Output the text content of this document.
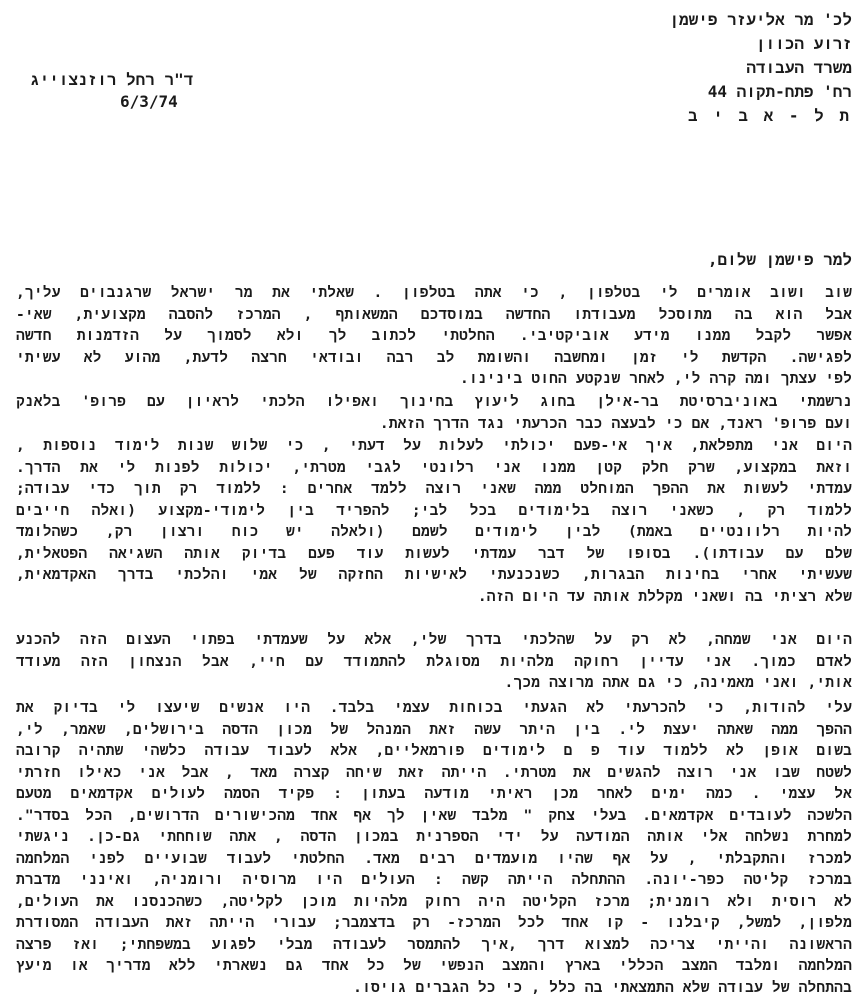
לכ' מר אליעזר פישמן
זרוע הכוון
משרד העבודה
רח' פתח-תקוה 44
ת ל - א ב י ב
ד"ר רחל רוזנצוייג
6/3/74
למר פישמן שלום,
שוב ושוב אומרים לי בטלפון , כי אתה בטלפון . שאלתי את מר ישראל שרגנבוים עליך,
אבל הוא בה מתוסכל מעבודתו החדשה במוסדכם המשאותף , המרכז להסבה מקצועית, שאי-
אפשר לקבל ממנו מידע אוביקטיבי. החלטתי לכתוב לך ולא לסמוך על הזדמנות חדשה
לפגישה. הקדשת לי זמן ומחשבה והשומת לב רבה ובודאי חרצה לדעת, מהוע לא עשיתי
לפי עצתך ומה קרה לי, לאחר שנקטע החוט בינינו.
נרשמתי באוניברסיטת בר-אילן בחוג ליעוץ בחינוך ואפילו הלכתי לראיון עם פרופ' בלאנק
ועם פרופ' ראנד, אם כי לבעצה כבר הכרעתי נגד הדרך הזאת.
היום אני מתפלאת, איך אי-פעם יכולתי לעלות על דעתי , כי שלוש שנות לימוד נוספות ,
וזאת במקצוע, שרק חלק קטן ממנו אני רלונטי לגבי מטרתי, יכולות לפנות לי את הדרך.
עמדתי לעשות את ההפך המוחלט ממה שאני רוצה ללמד אחרים : ללמוד רק תוך כדי עבודה;
ללמוד רק , כשאני רוצה בלימודים בכל לבי; להפריד בין לימודי-מקצוע (ואלה חייבים
להיות רלוונטיים באמת) לבין לימודים לשמם (ולאלה יש כוח ורצון רק, כשהלומד
שלם עם עבודתו). בסופו של דבר עמדתי לעשות עוד פעם בדיוק אותה השגיאה הפטאלית,
שעשיתי אחרי בחינות הבגרות, כשנכנעתי לאישיות החזקה של אמי והלכתי בדרך האקדמאית,
שלא רציתי בה ושאני מקללת אותה עד היום הזה.
היום אני שמחה, לא רק על שהלכתי בדרך שלי, אלא על שעמדתי בפתוי העצום הזה להכנע
לאדם כמוך. אני עדיין רחוקה מלהיות מסוגלת להתמודד עם חיי, אבל הנצחון הזה מעודד
אותי, ואני מאמינה, כי גם אתה מרוצה מכך.
עלי להודות, כי להכרעתי לא הגעתי בכוחות עצמי בלבד. היו אנשים שיעצו לי בדיוק את
ההפך ממה שאתה יעצת לי. בין היתר עשה זאת המנהל של מכון הדסה בירושלים, שאמר, לי,
בשום אופן לא ללמוד עוד פ ם לימודים פורמאליים, אלא לעבוד עבודה כלשהי שתהיה קרובה
לשטח שבו אני רוצה להגשים את מטרתי. הייתה זאת שיחה קצרה מאד , אבל אני כאילו חזרתי
אל עצמי . כמה ימים לאחר מכן ראיתי מודעה בעתון : פקיד הסמה לעולים אקדמאים מטעם
הלשכה לעובדים אקדמאים. בעלי צחק " מלבד שאין לך אף אחד מהכישורים הדרושים, הכל בסדר".
למחרת נשלחה אלי אותה המודעה על ידי הספרנית במכון הדסה , אתה שוחחתי גם-כן. ניגשתי
למכרז והתקבלתי , על אף שהיו מועמדים רבים מאד. החלטתי לעבוד שבועיים לפני המלחמה
במרכז קליטה כפר-יונה. ההתחלה הייתה קשה : העולים היו מרוסיה ורומניה, ואינני מדברת
לא רוסית ולא רומנית; מרכז הקליטה היה רחוק מלהיות מוכן לקליטה, כשהכנסנו את העולים,
מלפון, למשל, קיבלנו - קו אחד לכל המרכז- רק בדצמבר; עבורי הייתה זאת העבודה המסודרת
הראשונה והייתי צריכה למצוא דרך ,איך להתמסר לעבודה מבלי לפגוע במשפחתי; ואז פרצה
המלחמה ומלבד המצב הכללי בארץ והמצב הנפשי של כל אחד גם נשארתי ללא מדריך או מיעץ
בהתחלה של עבודה שלא התמצאתי בה כלל , כי כל הגברים גויסו.
